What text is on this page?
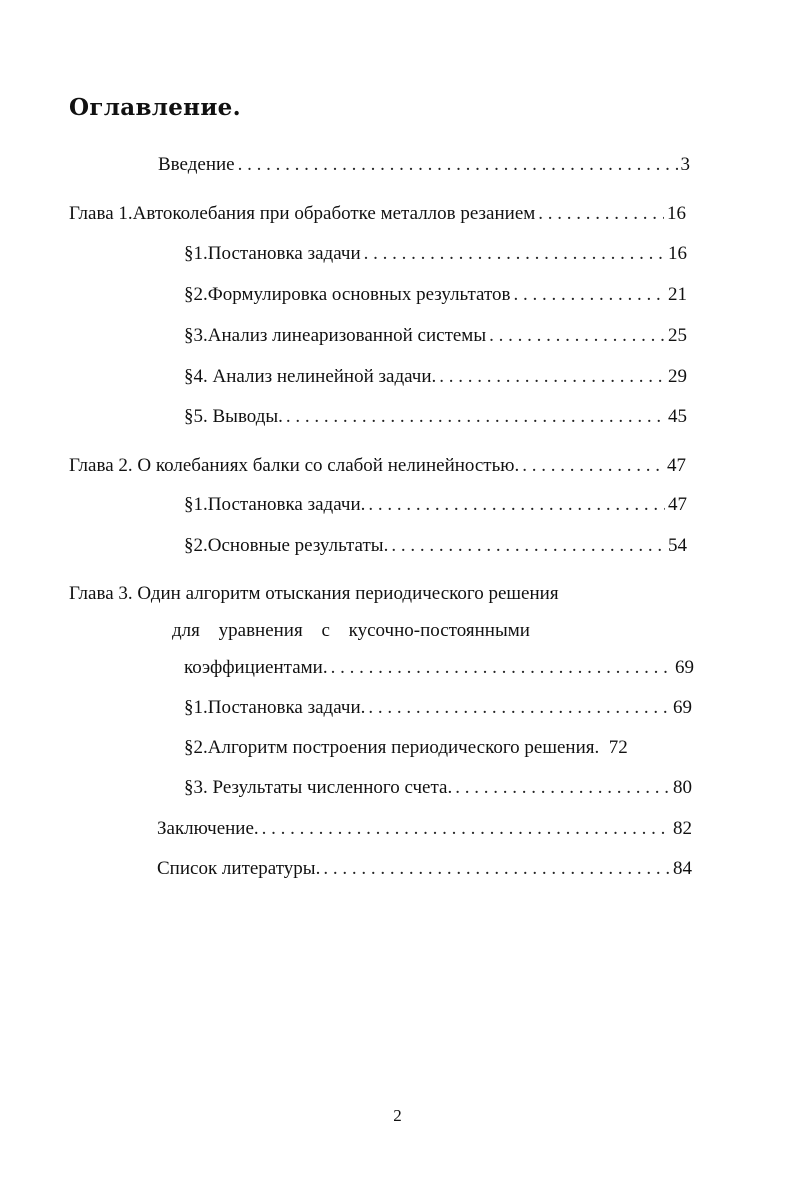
Оглавление.
Введение . . .	3
Глава 1.Автоколебания при обработке металлов резанием . . .	16
§1.Постановка задачи . . .	16
§2.Формулировка основных результатов . . .	21
§3.Анализ линеаризованной системы . . .	25
§4. Анализ нелинейной задачи. . . .	29
§5. Выводы. . . .	45
Глава 2. О колебаниях балки со слабой нелинейностью. . . .	47
§1.Постановка задачи. . . .	47
§2.Основные результаты. . . .	54
Глава 3. Один алгоритм отыскания периодического решения
для уравнения с кусочно-постоянными
коэффициентами. . . .	69
§1.Постановка задачи. . . .	69
§2.Алгоритм построения периодического решения. 72
§3. Результаты численного счета. . . .	80
Заключение. . . .	82
Список литературы. . . .	84
2
